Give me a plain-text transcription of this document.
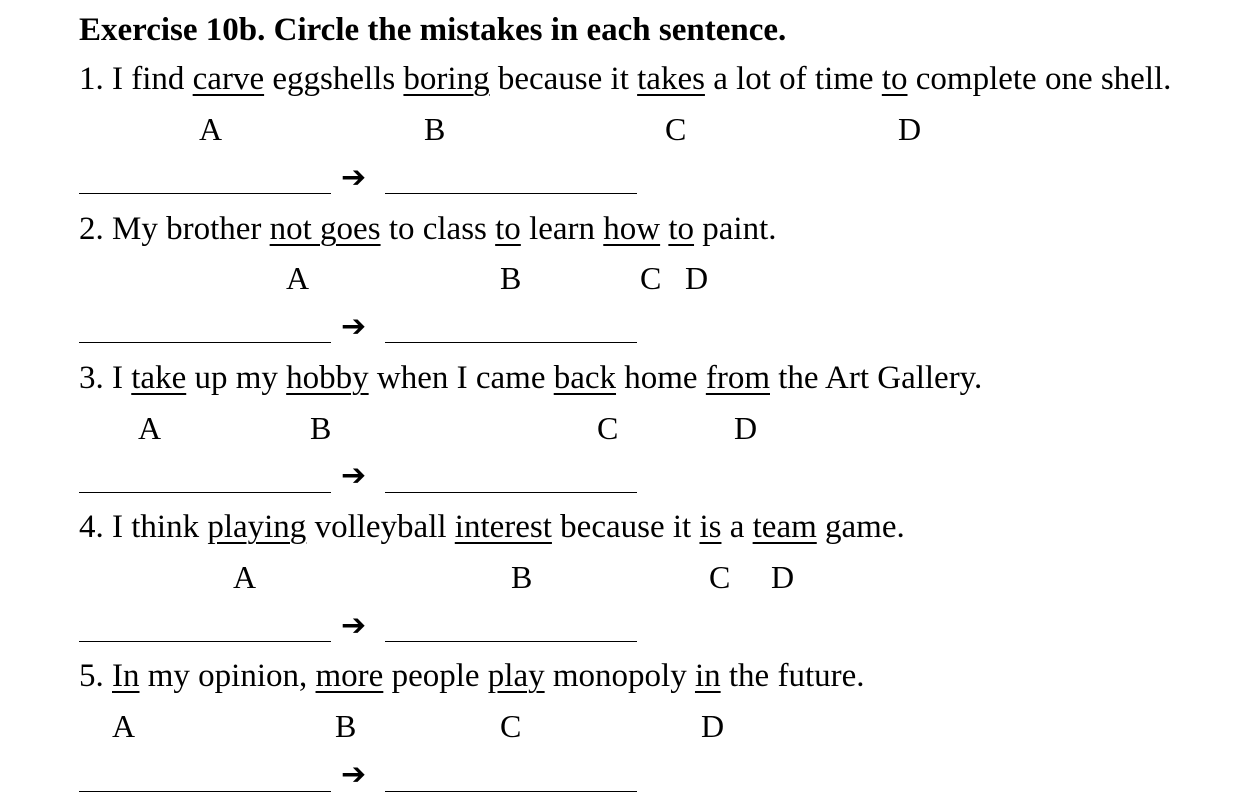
Exercise 10b. Circle the mistakes in each sentence.
1. I find carve eggshells boring because it takes a lot of time to complete one shell.
A	B	C	D
➔
2. My brother not goes to class to learn how to paint.
A	B	C D
➔
3. I take up my hobby when I came back home from the Art Gallery.
A	B	C	D
➔
4. I think playing volleyball interest because it is a team game.
A	B	C D
➔
5. In my opinion, more people play monopoly in the future.
A	B	C	D
➔
